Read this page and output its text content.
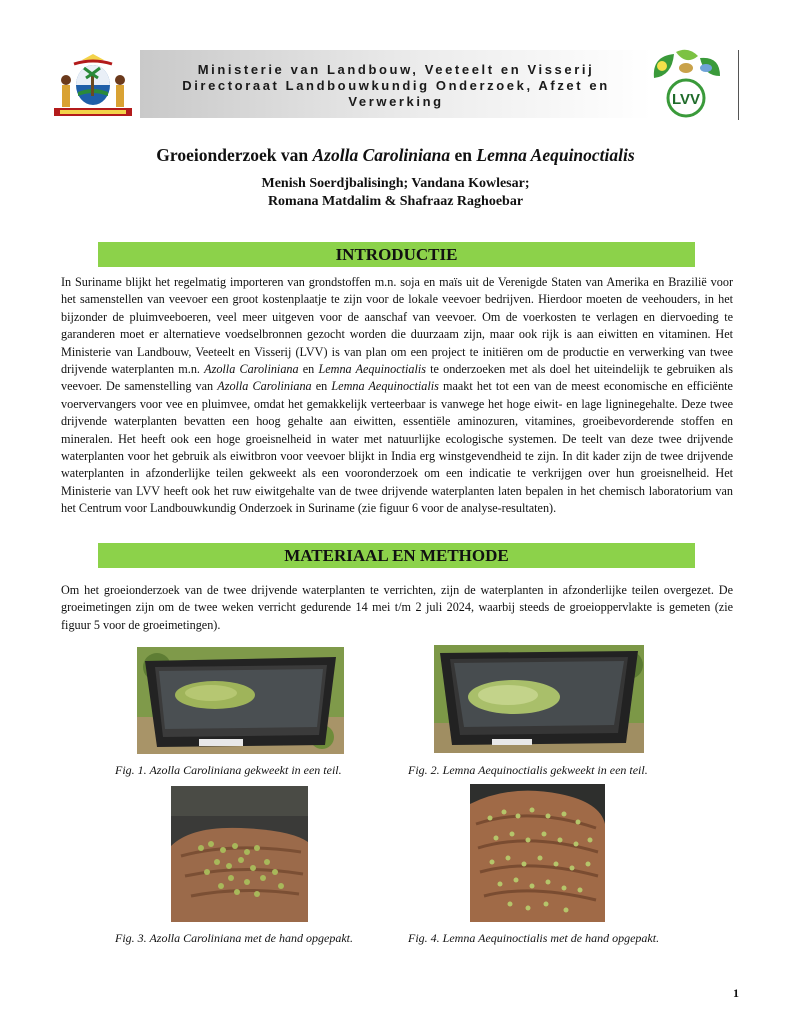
Ministerie van Landbouw, Veeteelt en Visserij
Directoraat Landbouwkundig Onderzoek, Afzet en
Verwerking	LVV
Groeionderzoek van Azolla Caroliniana en Lemna Aequinoctialis
Menish Soerdjbalisingh; Vandana Kowlesar;
Romana Matdalim & Shafraaz Raghoebar
INTRODUCTIE
In Suriname blijkt het regelmatig importeren van grondstoffen m.n. soja en maïs uit de Verenigde Staten van Amerika en Brazilië voor het samenstellen van veevoer een groot kostenplaatje te zijn voor de lokale veevoer bedrijven. Hierdoor moeten de veehouders, in het bijzonder de pluimveeboeren, veel meer uitgeven voor de aanschaf van veevoer. Om de voerkosten te verlagen en diervoeding te garanderen moet er alternatieve voedselbronnen gezocht worden die duurzaam zijn, maar ook rijk is aan eiwitten en vitaminen. Het Ministerie van Landbouw, Veeteelt en Visserij (LVV) is van plan om een project te initiëren om de productie en verwerking van twee drijvende waterplanten m.n. Azolla Caroliniana en Lemna Aequinoctialis te onderzoeken met als doel het uiteindelijk te gebruiken als veevoer. De samenstelling van Azolla Caroliniana en Lemna Aequinoctialis maakt het tot een van de meest economische en efficiënte voervervangers voor vee en pluimvee, omdat het gemakkelijk verteerbaar is vanwege het hoge eiwit- en lage ligninegehalte. Deze twee drijvende waterplanten bevatten een hoog gehalte aan eiwitten, essentiële aminozuren, vitamines, groeibevorderende stoffen en mineralen. Het heeft ook een hoge groeisnelheid in water met natuurlijke ecologische systemen. De teelt van deze twee drijvende waterplanten voor het gebruik als eiwitbron voor veevoer blijkt in India erg winstgevendheid te zijn. In dit kader zijn de twee drijvende waterplanten in afzonderlijke teilen gekweekt als een vooronderzoek om een indicatie te verkrijgen over hun groeisnelheid. Het Ministerie van LVV heeft ook het ruw eiwitgehalte van de twee drijvende waterplanten laten bepalen in het chemisch laboratorium van het Centrum voor Landbouwkundig Onderzoek in Suriname (zie figuur 6 voor de analyse-resultaten).
MATERIAAL EN METHODE
Om het groeionderzoek van de twee drijvende waterplanten te verrichten, zijn de waterplanten in afzonderlijke teilen overgezet. De groeimetingen zijn om de twee weken verricht gedurende 14 mei t/m 2 juli 2024, waarbij steeds de groeioppervlakte is gemeten (zie figuur 5 voor de groeimetingen).
Fig. 1. Azolla Caroliniana gekweekt in een teil.	Fig. 2. Lemna Aequinoctialis gekweekt in een teil.
Fig. 3. Azolla Caroliniana met de hand opgepakt.	Fig. 4. Lemna Aequinoctialis met de hand opgepakt.
1
